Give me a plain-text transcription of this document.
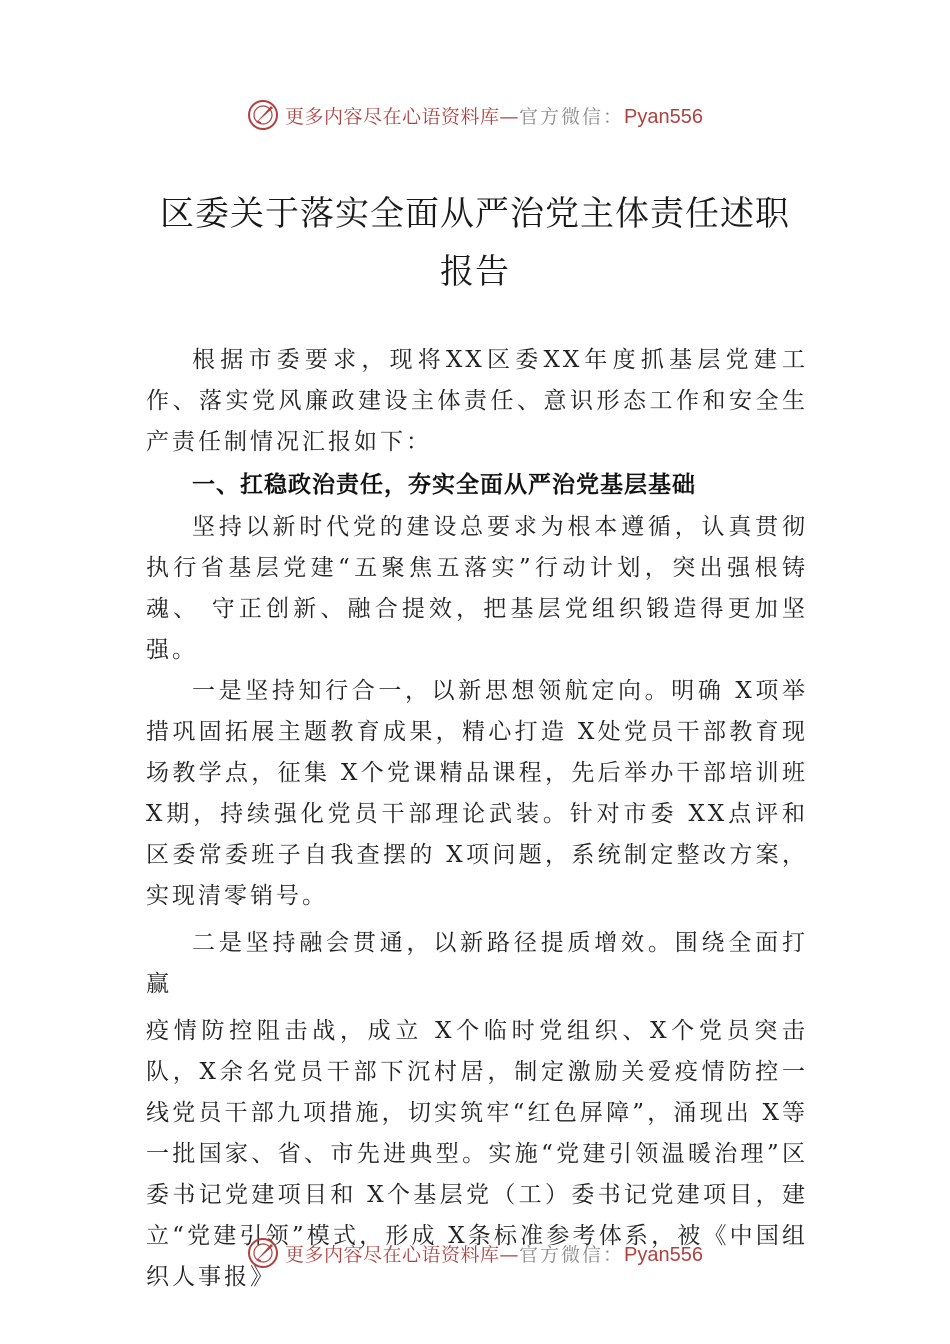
更多内容尽在心语资料库—官方微信：Pyan556
区委关于落实全面从严治党主体责任述职
报告

根据市委要求，现将XX区委XX年度抓基层党建工作、落实党风廉政建设主体责任、意识形态工作和安全生产责任制情况汇报如下：

一、扛稳政治责任，夯实全面从严治党基层基础

坚持以新时代党的建设总要求为根本遵循，认真贯彻执行省基层党建“五聚焦五落实”行动计划，突出强根铸魂、 守正创新、融合提效，把基层党组织锻造得更加坚强。

一是坚持知行合一，以新思想领航定向。明确 X项举措巩固拓展主题教育成果，精心打造 X处党员干部教育现场教学点，征集 X个党课精品课程，先后举办干部培训班 X期，持续强化党员干部理论武装。针对市委 XX点评和区委常委班子自我查摆的 X项问题，系统制定整改方案，实现清零销号。

二是坚持融会贯通，以新路径提质增效。围绕全面打赢

疫情防控阻击战，成立 X个临时党组织、X个党员突击队，X余名党员干部下沉村居，制定激励关爱疫情防控一线党员干部九项措施，切实筑牢“红色屏障”，涌现出 X等一批国家、省、市先进典型。实施“党建引领温暖治理”区委书记党建项目和 X个基层党（工）委书记党建项目，建立“党建引领”模式，形成 X条标准参考体系，被《中国组织人事报》

更多内容尽在心语资料库—官方微信：Pyan556
